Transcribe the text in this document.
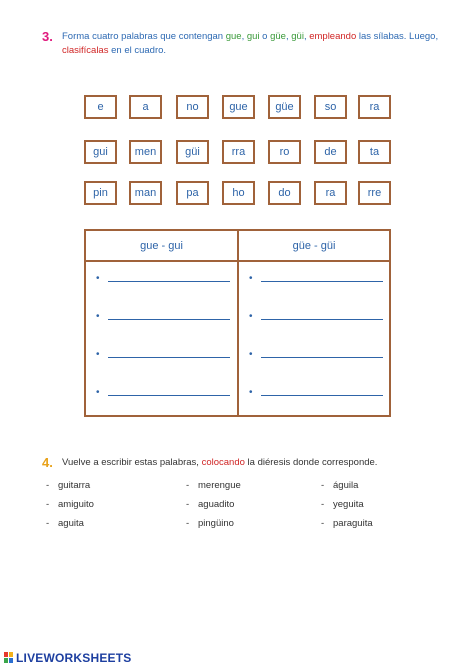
3. Forma cuatro palabras que contengan gue, gui o güe, güi, empleando las sílabas. Luego,
clasifícalas en el cuadro.
e	a	no	gue	güe	so	ra
gui	men	güi	rra	ro	de	ta
pin	man	pa	ho	do	ra	rre
gue - gui	güe - güi
•
•
•
•
•
•
•
•
4. Vuelve a escribir estas palabras, colocando la diéresis donde corresponde.
- guitarra
- amiguito
- aguita
- merengue
- aguadito
- pingüino
- águila
- yeguita
- paraguita
LIVEWORKSHEETS
